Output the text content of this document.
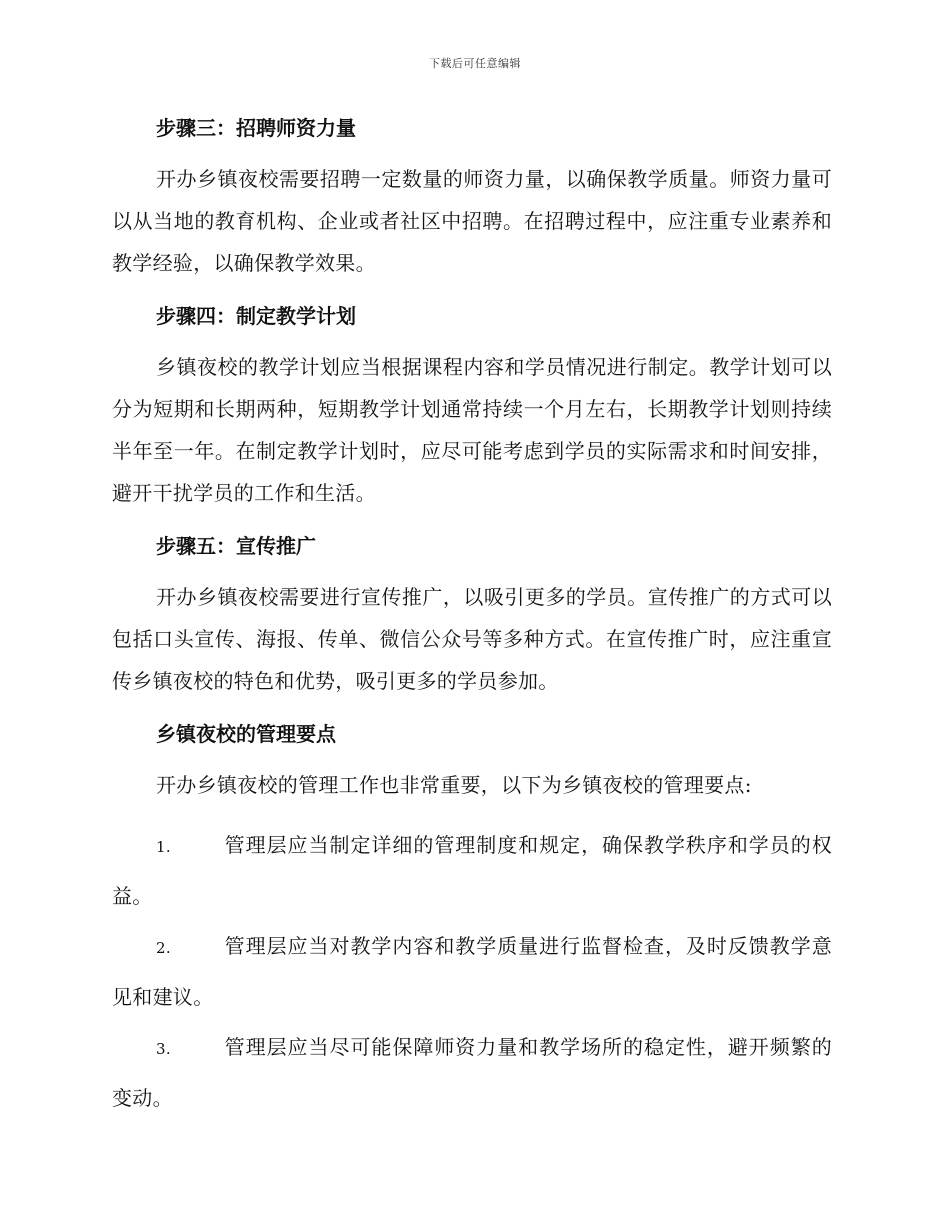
下载后可任意编辑
步骤三：招聘师资力量

开办乡镇夜校需要招聘一定数量的师资力量，以确保教学质量。师资力量可以从当地的教育机构、企业或者社区中招聘。在招聘过程中，应注重专业素养和教学经验，以确保教学效果。

步骤四：制定教学计划

乡镇夜校的教学计划应当根据课程内容和学员情况进行制定。教学计划可以分为短期和长期两种，短期教学计划通常持续一个月左右，长期教学计划则持续半年至一年。在制定教学计划时，应尽可能考虑到学员的实际需求和时间安排，避开干扰学员的工作和生活。

步骤五：宣传推广

开办乡镇夜校需要进行宣传推广，以吸引更多的学员。宣传推广的方式可以包括口头宣传、海报、传单、微信公众号等多种方式。在宣传推广时，应注重宣传乡镇夜校的特色和优势，吸引更多的学员参加。

乡镇夜校的管理要点

开办乡镇夜校的管理工作也非常重要，以下为乡镇夜校的管理要点:

1.	管理层应当制定详细的管理制度和规定，确保教学秩序和学员的权益。

2.	管理层应当对教学内容和教学质量进行监督检查，及时反馈教学意见和建议。

3.	管理层应当尽可能保障师资力量和教学场所的稳定性，避开频繁的变动。
